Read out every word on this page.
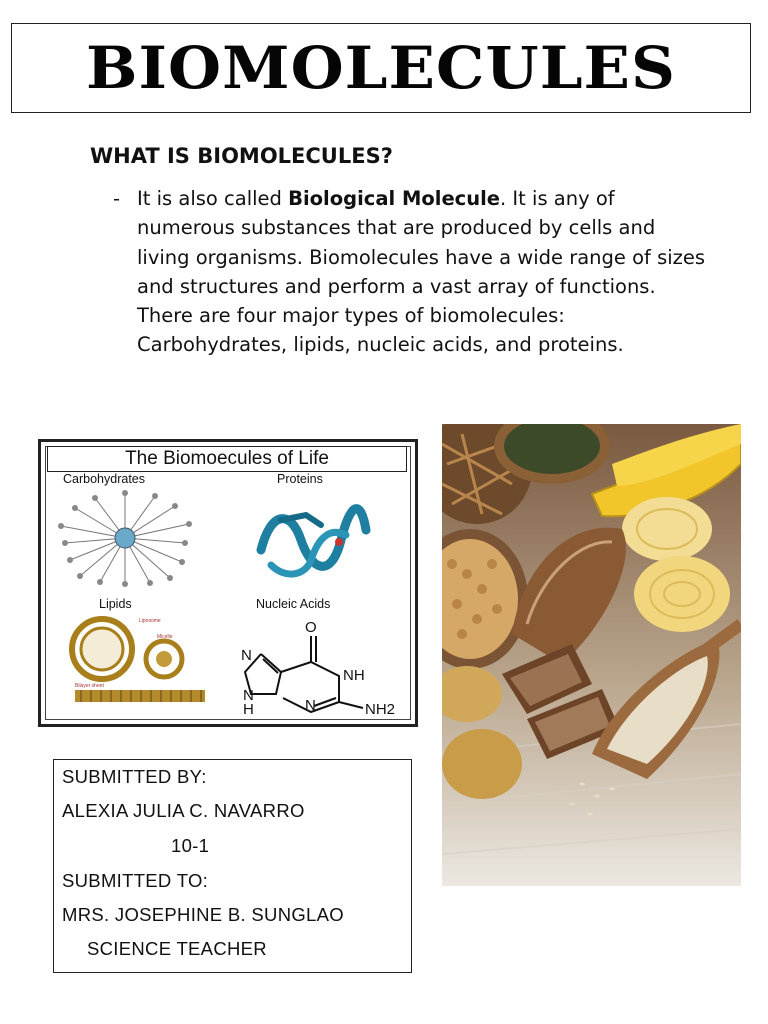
BIOMOLECULES
WHAT IS BIOMOLECULES?
- It is also called Biological Molecule. It is any of numerous substances that are produced by cells and living organisms. Biomolecules have a wide range of sizes and structures and perform a vast array of functions. There are four major types of biomolecules: Carbohydrates, lipids, nucleic acids, and proteins.
The Biomoecules of Life
Carbohydrates	Proteins
Lipids	Nucleic Acids
Liposome
Micelle
Bilayer sheet
O
N
NH
N
N
H	NH2
SUBMITTED BY:
ALEXIA JULIA C. NAVARRO
10-1
SUBMITTED TO:
MRS. JOSEPHINE B. SUNGLAO
SCIENCE TEACHER
